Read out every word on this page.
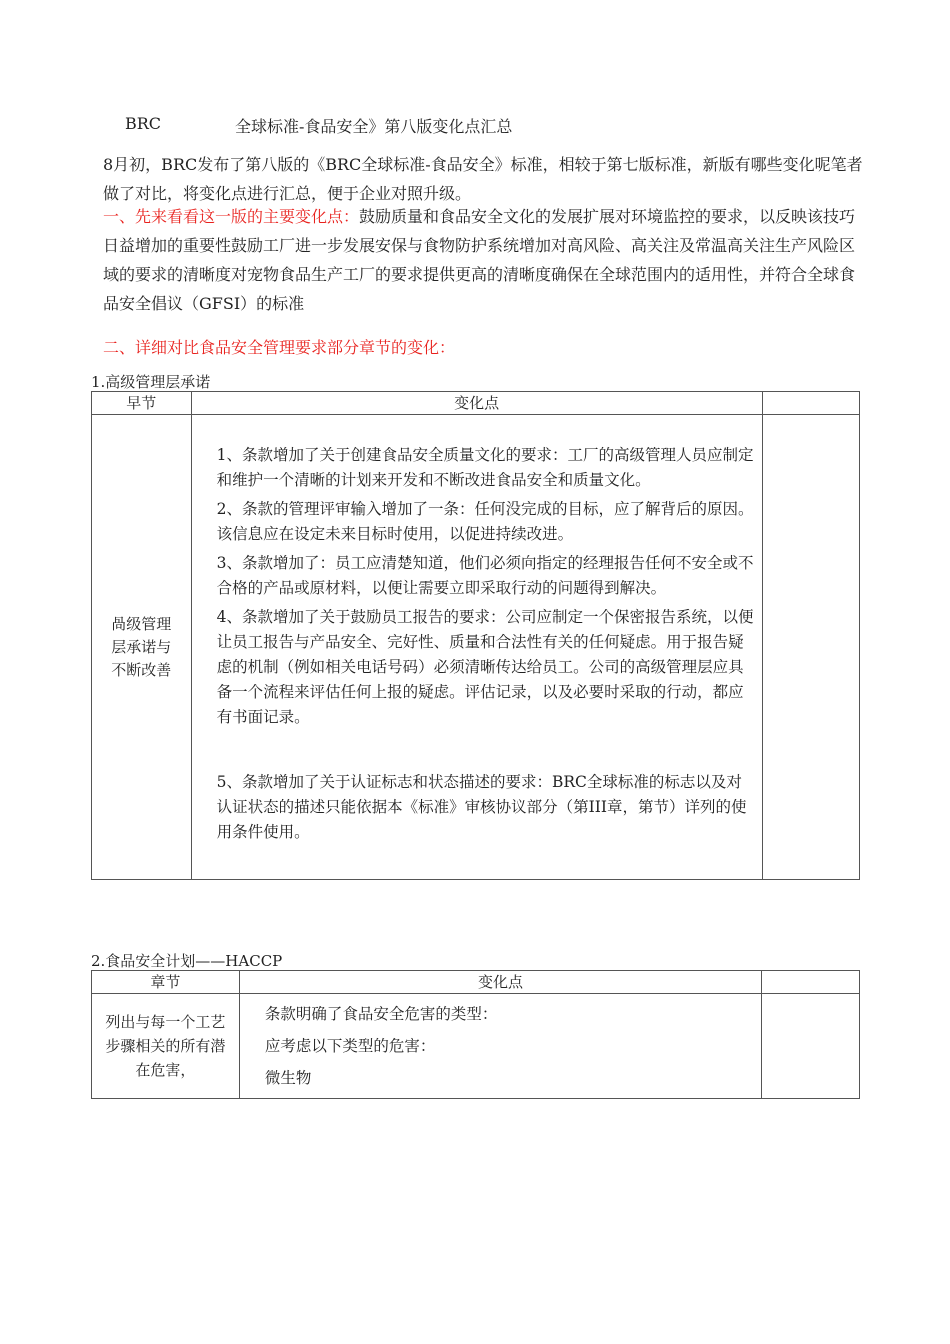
BRC	全球标准-食品安全》第八版变化点汇总
8月初，BRC发布了第八版的《BRC全球标准-食品安全》标准，相较于第七版标准，新版有哪些变化呢笔者做了对比，将变化点进行汇总，便于企业对照升级。
一、先来看看这一版的主要变化点：鼓励质量和食品安全文化的发展扩展对环境监控的要求，以反映该技巧日益增加的重要性鼓励工厂进一步发展安保与食物防护系统增加对高风险、高关注及常温高关注生产风险区域的要求的清晰度对宠物食品生产工厂的要求提供更高的清晰度确保在全球范围内的适用性，并符合全球食品安全倡议（GFSI）的标准
二、详细对比食品安全管理要求部分章节的变化：
1.高级管理层承诺
早节	变化点	

咼级管理层承诺与不断改善	1、条款增加了关于创建食品安全质量文化的要求：工厂的高级管理人员应制定和维护一个清晰的计划来开发和不断改进食品安全和质量文化。
2、条款的管理评审输入增加了一条：任何没完成的目标，应了解背后的原因。该信息应在设定未来目标时使用，以促进持续改进。
3、条款增加了：员工应清楚知道，他们必须向指定的经理报告任何不安全或不合格的产品或原材料，以便让需要立即采取行动的问题得到解决。
4、条款增加了关于鼓励员工报告的要求：公司应制定一个保密报告系统，以便让员工报告与产品安全、完好性、质量和合法性有关的任何疑虑。用于报告疑虑的机制（例如相关电话号码）必须清晰传达给员工。公司的高级管理层应具备一个流程来评估任何上报的疑虑。评估记录，以及必要时采取的行动，都应有书面记录。
5、条款增加了关于认证标志和状态描述的要求：BRC全球标准的标志以及对认证状态的描述只能依据本《标准》审核协议部分（第III章，第节）详列的使用条件使用。	

2.食品安全计划——HACCP
章节	变化点	

列出与每一个工艺步骤相关的所有潜在危害，	条款明确了食品安全危害的类型：
应考虑以下类型的危害：
微生物	
